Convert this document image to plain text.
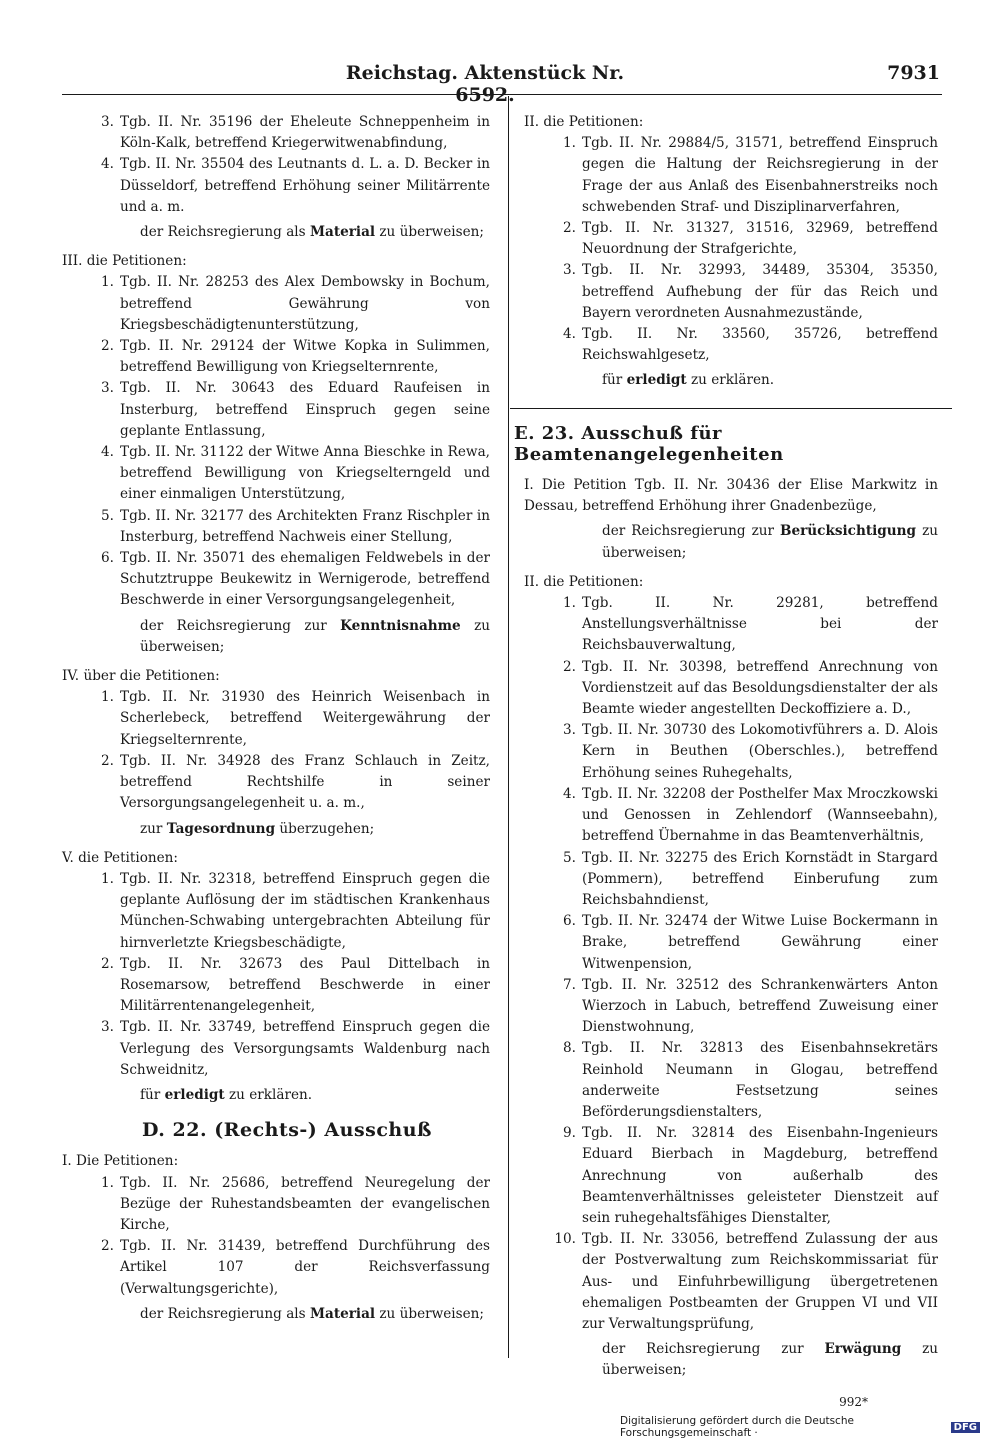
Reichstag. Aktenstück Nr. 6592.
7931
3. Tgb. II. Nr. 35196 der Eheleute Schneppenheim in Köln-Kalk, betreffend Kriegerwitwenabfindung,
4. Tgb. II. Nr. 35504 des Leutnants d. L. a. D. Becker in Düsseldorf, betreffend Erhöhung seiner Militärrente und a. m.
der Reichsregierung als Material zu überweisen;
III. die Petitionen:
1. Tgb. II. Nr. 28253 des Alex Dembowsky in Bochum, betreffend Gewährung von Kriegsbeschädigtenunterstützung,
2. Tgb. II. Nr. 29124 der Witwe Kopka in Sulimmen, betreffend Bewilligung von Kriegselternrente,
3. Tgb. II. Nr. 30643 des Eduard Raufeisen in Insterburg, betreffend Einspruch gegen seine geplante Entlassung,
4. Tgb. II. Nr. 31122 der Witwe Anna Bieschke in Rewa, betreffend Bewilligung von Kriegselterngeld und einer einmaligen Unterstützung,
5. Tgb. II. Nr. 32177 des Architekten Franz Rischpler in Insterburg, betreffend Nachweis einer Stellung,
6. Tgb. II. Nr. 35071 des ehemaligen Feldwebels in der Schutztruppe Beukewitz in Wernigerode, betreffend Beschwerde in einer Versorgungsangelegenheit,
der Reichsregierung zur Kenntnisnahme zu überweisen;
IV. über die Petitionen:
1. Tgb. II. Nr. 31930 des Heinrich Weisenbach in Scherlebeck, betreffend Weitergewährung der Kriegselternrente,
2. Tgb. II. Nr. 34928 des Franz Schlauch in Zeitz, betreffend Rechtshilfe in seiner Versorgungsangelegenheit u. a. m.,
zur Tagesordnung überzugehen;
V. die Petitionen:
1. Tgb. II. Nr. 32318, betreffend Einspruch gegen die geplante Auflösung der im städtischen Krankenhaus München-Schwabing untergebrachten Abteilung für hirnverletzte Kriegsbeschädigte,
2. Tgb. II. Nr. 32673 des Paul Dittelbach in Rosemarsow, betreffend Beschwerde in einer Militärrentenangelegenheit,
3. Tgb. II. Nr. 33749, betreffend Einspruch gegen die Verlegung des Versorgungsamts Waldenburg nach Schweidnitz,
für erledigt zu erklären.
D. 22. (Rechts-) Ausschuß
I. Die Petitionen:
1. Tgb. II. Nr. 25686, betreffend Neuregelung der Bezüge der Ruhestandsbeamten der evangelischen Kirche,
2. Tgb. II. Nr. 31439, betreffend Durchführung des Artikel 107 der Reichsverfassung (Verwaltungsgerichte),
der Reichsregierung als Material zu überweisen;
II. die Petitionen:
1. Tgb. II. Nr. 29884/5, 31571, betreffend Einspruch gegen die Haltung der Reichsregierung in der Frage der aus Anlaß des Eisenbahnerstreiks noch schwebenden Straf- und Disziplinarverfahren,
2. Tgb. II. Nr. 31327, 31516, 32969, betreffend Neuordnung der Strafgerichte,
3. Tgb. II. Nr. 32993, 34489, 35304, 35350, betreffend Aufhebung der für das Reich und Bayern verordneten Ausnahmezustände,
4. Tgb. II. Nr. 33560, 35726, betreffend Reichswahlgesetz,
für erledigt zu erklären.
E. 23. Ausschuß für Beamtenangelegenheiten
I. Die Petition Tgb. II. Nr. 30436 der Elise Markwitz in Dessau, betreffend Erhöhung ihrer Gnadenbezüge,
der Reichsregierung zur Berücksichtigung zu überweisen;
II. die Petitionen:
1. Tgb. II. Nr. 29281, betreffend Anstellungsverhältnisse bei der Reichsbauverwaltung,
2. Tgb. II. Nr. 30398, betreffend Anrechnung von Vordienstzeit auf das Besoldungsdienstalter der als Beamte wieder angestellten Deckoffiziere a. D.,
3. Tgb. II. Nr. 30730 des Lokomotivführers a. D. Alois Kern in Beuthen (Oberschles.), betreffend Erhöhung seines Ruhegehalts,
4. Tgb. II. Nr. 32208 der Posthelfer Max Mroczkowski und Genossen in Zehlendorf (Wannseebahn), betreffend Übernahme in das Beamtenverhältnis,
5. Tgb. II. Nr. 32275 des Erich Kornstädt in Stargard (Pommern), betreffend Einberufung zum Reichsbahndienst,
6. Tgb. II. Nr. 32474 der Witwe Luise Bockermann in Brake, betreffend Gewährung einer Witwenpension,
7. Tgb. II. Nr. 32512 des Schrankenwärters Anton Wierzoch in Labuch, betreffend Zuweisung einer Dienstwohnung,
8. Tgb. II. Nr. 32813 des Eisenbahnsekretärs Reinhold Neumann in Glogau, betreffend anderweite Festsetzung seines Beförderungsdienstalters,
9. Tgb. II. Nr. 32814 des Eisenbahn-Ingenieurs Eduard Bierbach in Magdeburg, betreffend Anrechnung von außerhalb des Beamtenverhältnisses geleisteter Dienstzeit auf sein ruhegehaltsfähiges Dienstalter,
10. Tgb. II. Nr. 33056, betreffend Zulassung der aus der Postverwaltung zum Reichskommissariat für Aus- und Einfuhrbewilligung übergetretenen ehemaligen Postbeamten der Gruppen VI und VII zur Verwaltungsprüfung,
der Reichsregierung zur Erwägung zu überweisen;
992*
Digitalisierung gefördert durch die Deutsche Forschungsgemeinschaft ·	DFG
